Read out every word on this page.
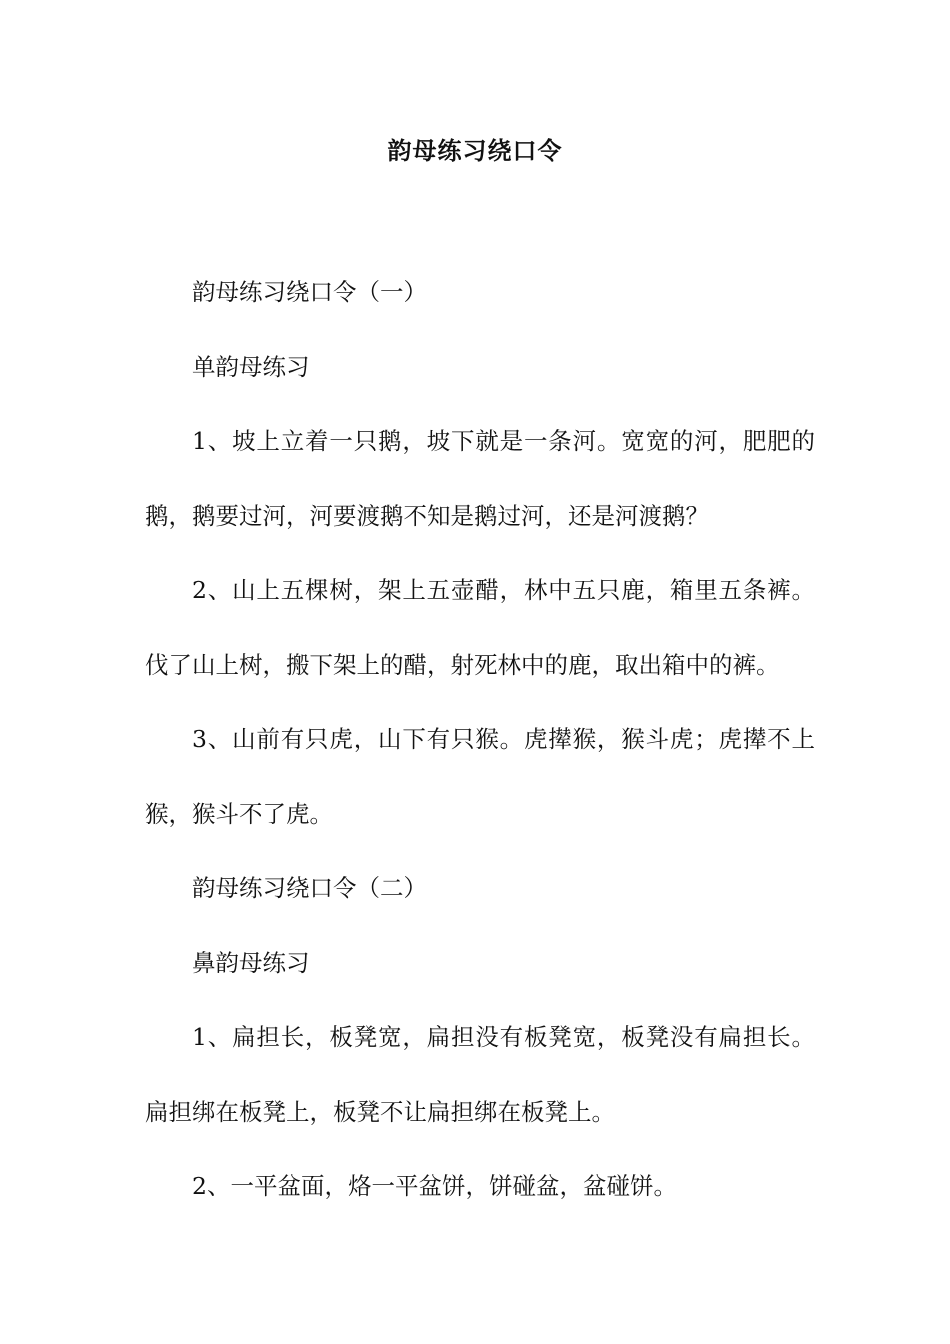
韵母练习绕口令

韵母练习绕口令（一）

单韵母练习

1、坡上立着一只鹅，坡下就是一条河。宽宽的河，肥肥的鹅，鹅要过河，河要渡鹅不知是鹅过河，还是河渡鹅？

2、山上五棵树，架上五壶醋，林中五只鹿，箱里五条裤。伐了山上树，搬下架上的醋，射死林中的鹿，取出箱中的裤。

3、山前有只虎，山下有只猴。虎撵猴，猴斗虎；虎撵不上猴，猴斗不了虎。

韵母练习绕口令（二）

鼻韵母练习

1、扁担长，板凳宽，扁担没有板凳宽，板凳没有扁担长。扁担绑在板凳上，板凳不让扁担绑在板凳上。

2、一平盆面，烙一平盆饼，饼碰盆，盆碰饼。
